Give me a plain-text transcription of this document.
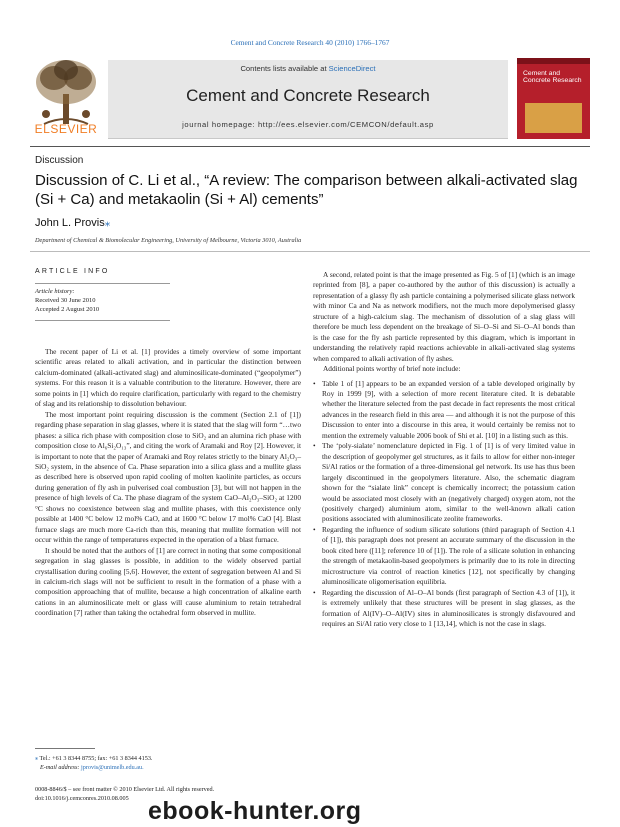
Cement and Concrete Research 40 (2010) 1766–1767
ELSEVIER
Contents lists available at ScienceDirect
Cement and Concrete Research
journal homepage: http://ees.elsevier.com/CEMCON/default.asp
Cement and Concrete Research
Discussion
Discussion of C. Li et al., “A review: The comparison between alkali-activated slag (Si + Ca) and metakaolin (Si + Al) cements”
John L. Provis⁎
Department of Chemical & Biomolecular Engineering, University of Melbourne, Victoria 3010, Australia
ARTICLE INFO
Article history:
Received 30 June 2010
Accepted 2 August 2010

The recent paper of Li et al. [1] provides a timely overview of some important scientific areas related to alkali activation, and in particular the distinction between calcium-dominated (alkali-activated slag) and aluminosilicate-dominated (“geopolymer”) systems. For this reason it is a valuable contribution to the literature. However, there are some points in [1] which do require clarification, particularly with regard to the chemistry of slag and its relationship to dissolution behaviour.

The most important point requiring discussion is the comment (Section 2.1 of [1]) regarding phase separation in slag glasses, where it is stated that the slag will form “…two phases: a silica rich phase with composition close to SiO₂ and an alumina rich phase with composition close to Al₆Si₂O₁₃”, and citing the work of Aramaki and Roy [2]. However, it is important to note that the paper of Aramaki and Roy relates strictly to the binary Al₂O₃–SiO₂ system, in the absence of Ca. Phase separation into a silica glass and a mullite glass as described here is observed upon rapid cooling of molten kaolinite particles, as occurs during generation of fly ash in pulverised coal combustion [3], but will not happen in the presence of high levels of Ca. The phase diagram of the system CaO–Al₂O₃–SiO₂ at 1200 °C shows no coexistence between slag and mullite phases, with this coexistence only possible at 1400 °C below 12 mol% CaO, and at 1600 °C below 17 mol% CaO [4]. Blast furnace slags are much more Ca-rich than this, meaning that mullite formation will not occur within the range of temperatures expected in the operation of a blast furnace.

It should be noted that the authors of [1] are correct in noting that some compositional segregation in slag glasses is possible, in addition to the widely observed partial crystallisation during cooling [5,6]. However, the extent of segregation between Al and Si in calcium-rich slags will not be sufficient to result in the formation of a phase with a composition approaching that of mullite, because a high concentration of alkaline earth cations in an aluminosilicate melt or glass will cause aluminium to retain tetrahedral coordination [7] rather than taking the octahedral form observed in mullite.

A second, related point is that the image presented as Fig. 5 of [1] (which is an image reprinted from [8], a paper co-authored by the author of this discussion) is actually a representation of a glassy fly ash particle containing a polymerised silicate glass network with minor Ca and Na as network modifiers, not the much more depolymerised glassy structure of a high-calcium slag. The mechanism of dissolution of a slag glass will therefore be much less dependent on the breakage of Si–O–Si and Si–O–Al bonds than is the case for the fly ash particle represented by this diagram, which is important in understanding the relatively rapid reactions achievable in alkali-activated slag systems when compared to alkali activation of fly ashes.

Additional points worthy of brief note include:

• Table 1 of [1] appears to be an expanded version of a table developed originally by Roy in 1999 [9], with a selection of more recent literature cited. It is debatable whether the literature selected from the past decade in fact represents the most critical advances in the research field in this area — and although it is not the purpose of this Discussion to enter into a discourse in this area, it would certainly be remiss not to mention the extremely valuable 2006 book of Shi et al. [10] in a listing such as this.
• The ‘poly-sialate’ nomenclature depicted in Fig. 1 of [1] is of very limited value in the description of geopolymer gel structures, as it fails to allow for either non-integer Si/Al ratios or the formation of a three-dimensional gel network. Its use has thus been largely discontinued in the geopolymers literature. Also, the schematic diagram shown for the “sialate link” concept is chemically incorrect; the potassium cation would be associated most closely with an (negatively charged) oxygen atom, not the (positively charged) aluminium atom, similar to the well-known alkali cation positions associated with aluminosilicate zeolite frameworks.
• Regarding the influence of sodium silicate solutions (third paragraph of Section 4.1 of [1]), this paragraph does not present an accurate summary of the discussion in the book cited here ([11]; reference 10 of [1]). The role of a silicate solution in enhancing the strength of metakaolin-based geopolymers is primarily due to its role in directing microstructure via control of reaction kinetics [12], not specifically by changing aluminosilicate oligomerisation equilibria.
• Regarding the discussion of Al–O–Al bonds (first paragraph of Section 4.3 of [1]), it is extremely unlikely that these structures will be present in slag glasses, as the formation of Al(IV)–O–Al(IV) sites in aluminosilicates is strongly disfavoured and requires an Si/Al ratio very close to 1 [13,14], which is not the case in slags.
⁎ Tel.: +61 3 8344 8755; fax: +61 3 8344 4153.
E-mail address: jprovis@unimelb.edu.au.
0008-8846/$ – see front matter © 2010 Elsevier Ltd. All rights reserved.
doi:10.1016/j.cemconres.2010.08.005 ebook-hunter.org
